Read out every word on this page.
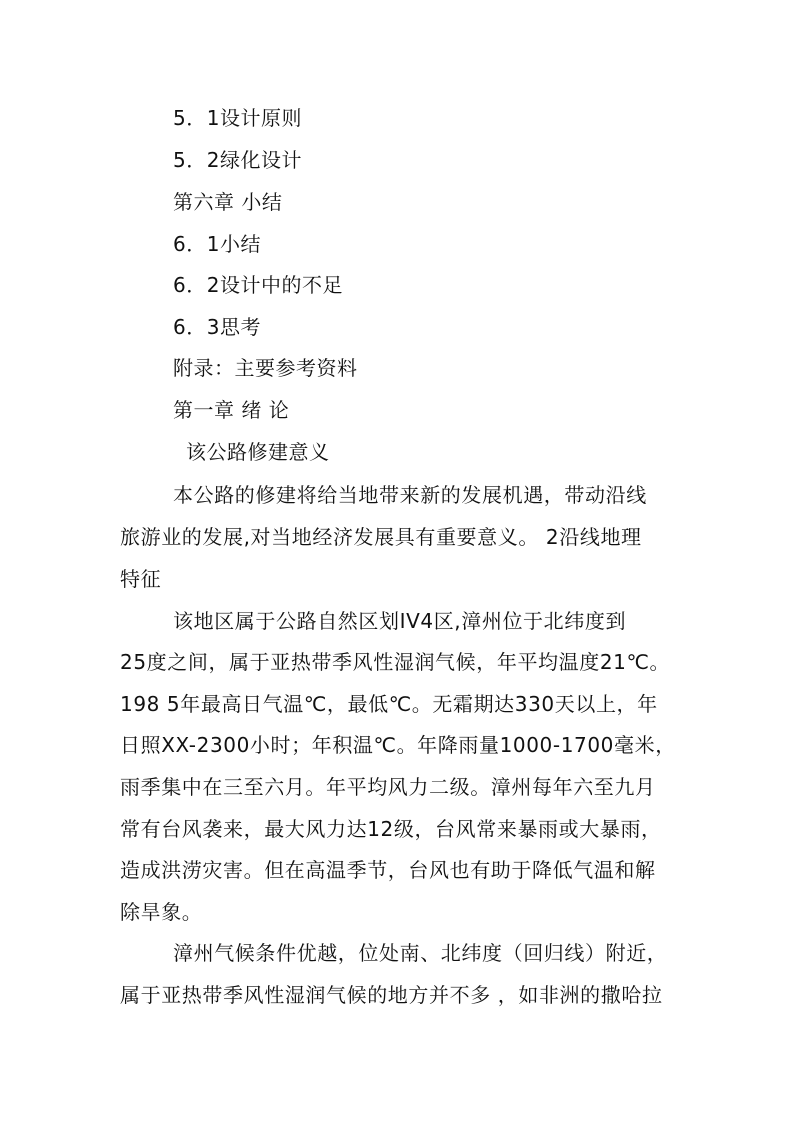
5．1设计原则
5．2绿化设计
第六章 小结
6．1小结
6．2设计中的不足
6．3思考
附录：主要参考资料
第一章 绪 论
该公路修建意义
本公路的修建将给当地带来新的发展机遇，带动沿线
旅游业的发展,对当地经济发展具有重要意义。 2沿线地理
特征
该地区属于公路自然区划ⅠⅤ4区,漳州位于北纬度到
25度之间，属于亚热带季风性湿润气候，年平均温度21℃。
198 5年最高日气温℃，最低℃。无霜期达330天以上，年
日照XX-2300小时；年积温℃。年降雨量1000-1700毫米，
雨季集中在三至六月。年平均风力二级。漳州每年六至九月
常有台风袭来，最大风力达12级，台风常来暴雨或大暴雨，
造成洪涝灾害。但在高温季节，台风也有助于降低气温和解
除旱象。
漳州气候条件优越，位处南、北纬度（回归线）附近，
属于亚热带季风性湿润气候的地方并不多 ，如非洲的撒哈拉
